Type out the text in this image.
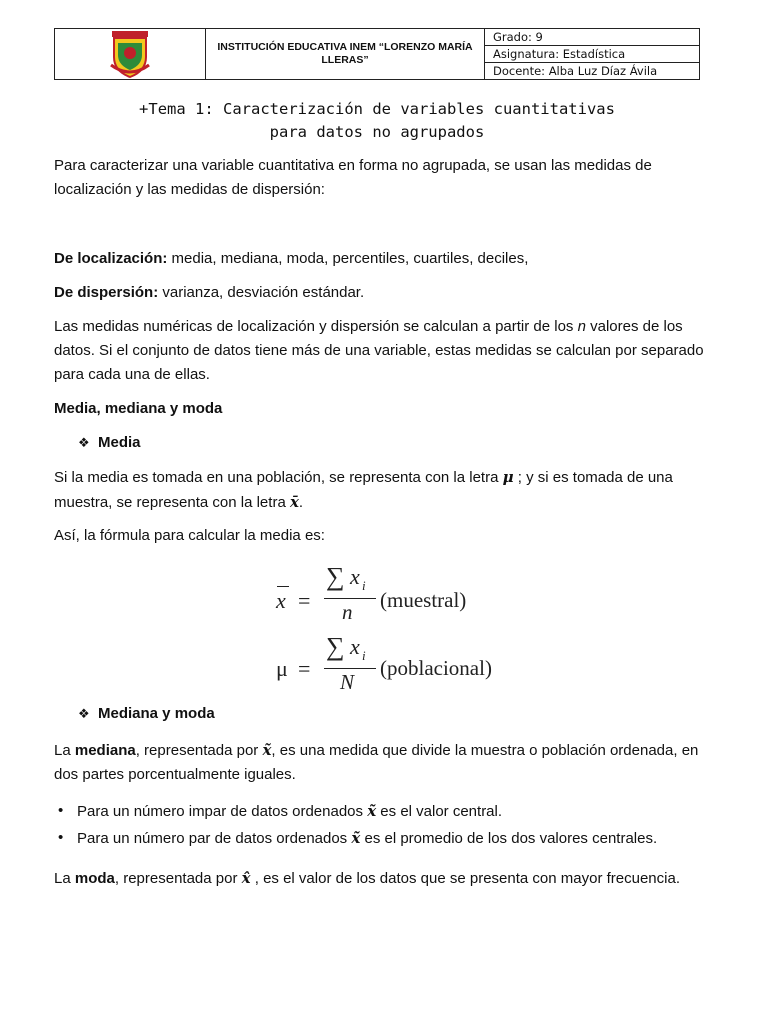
INSTITUCIÓN EDUCATIVA INEM “LORENZO MARÍA LLERAS”
Grado: 9
Asignatura: Estadística
Docente: Alba Luz Díaz Ávila
+Tema 1: Caracterización de variables cuantitativas
para datos no agrupados
Para caracterizar una variable cuantitativa en forma no agrupada, se usan las medidas de localización y las medidas de dispersión:
De localización: media, mediana, moda, percentiles, cuartiles, deciles,
De dispersión: varianza, desviación estándar.
Las medidas numéricas de localización y dispersión se calculan a partir de los n valores de los datos. Si el conjunto de datos tiene más de una variable, estas medidas se calculan por separado para cada una de ellas.
Media, mediana y moda
❖ Media
Si la media es tomada en una población, se representa con la letra μ ; y si es tomada de una muestra, se representa con la letra x̄.
Así, la fórmula para calcular la media es:
x =
∑ x i
n (muestral)
μ =
∑ x i
N
(poblacional)
❖ Mediana y moda
La mediana, representada por x̃, es una medida que divide la muestra o población ordenada, en dos partes porcentualmente iguales.
• Para un número impar de datos ordenados x̃ es el valor central.
• Para un número par de datos ordenados x̃ es el promedio de los dos valores centrales.
La moda, representada por x̂ , es el valor de los datos que se presenta con mayor frecuencia.
